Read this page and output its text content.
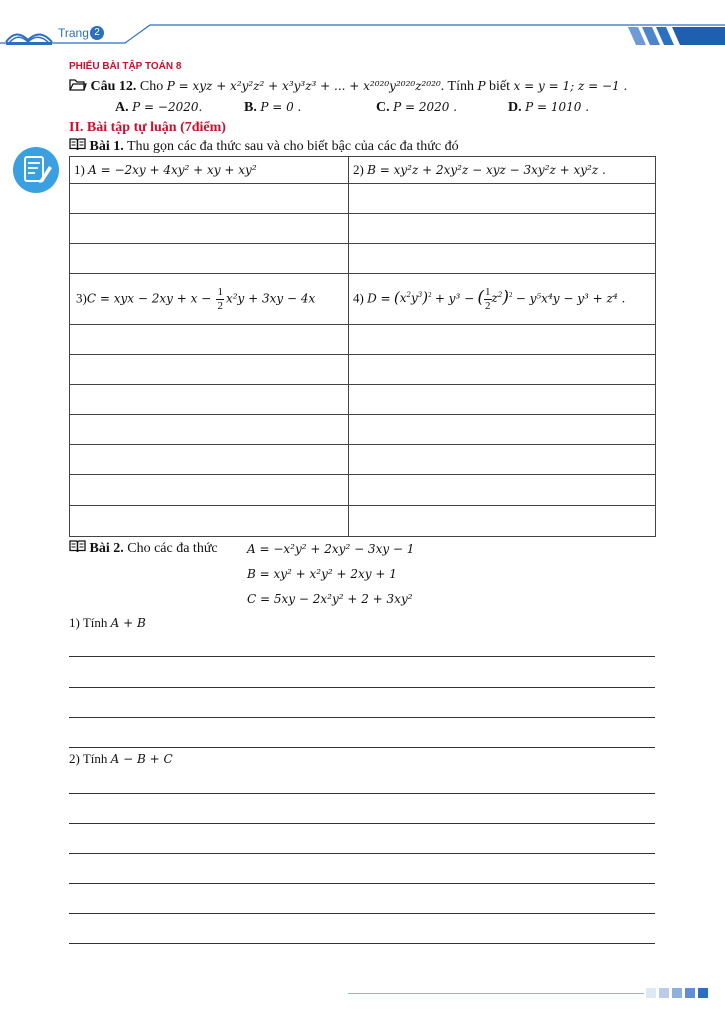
Trang 2
PHIẾU BÀI TẬP TOÁN 8
Câu 12. Cho P = xyz + x²y²z² + x³y³z³ + ... + x²⁰²⁰y²⁰²⁰z²⁰²⁰. Tính P biết x = y = 1; z = −1 .
A. P = −2020.	B. P = 0 .	C. P = 2020 .	D. P = 1010 .
II. Bài tập tự luận (7điểm)
Bài 1. Thu gọn các đa thức sau và cho biết bậc của các đa thức đó
1) A = −2xy + 4xy² + xy + xy²	2) B = xy²z + 2xy²z − xyz − 3xy²z + xy²z .

3)C = xyx − $2xy + x - \frac{1}{2} x^2y + 3xy - 4x$	4) $D = (x^2y^3)^2 + y^3$ − ( $\frac{1}{2} z^2)^2 - y^5x^4y - y^3 + z^4$ .

Bài 2. Cho các đa thức A = −x²y² + 2xy² − 3xy − 1
B = xy² + x²y² + 2xy + 1
C = 5xy − 2x²y² + 2 + 3xy²
1) Tính A + B
2) Tính A − B + C
